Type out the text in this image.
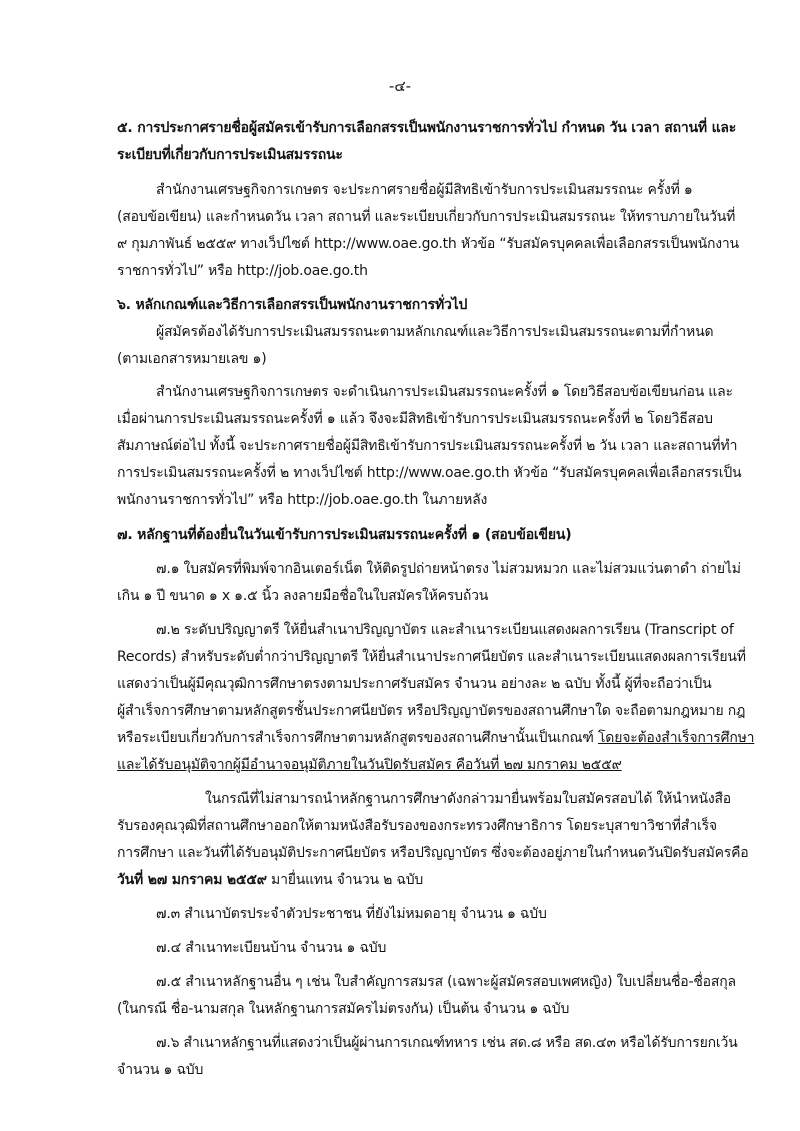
-๔-
๕. การประกาศรายชื่อผู้สมัครเข้ารับการเลือกสรรเป็นพนักงานราชการทั่วไป กำหนด วัน เวลา สถานที่ และ
ระเบียบที่เกี่ยวกับการประเมินสมรรถนะ
สำนักงานเศรษฐกิจการเกษตร จะประกาศรายชื่อผู้มีสิทธิเข้ารับการประเมินสมรรถนะ ครั้งที่ ๑
(สอบข้อเขียน) และกำหนดวัน เวลา สถานที่ และระเบียบเกี่ยวกับการประเมินสมรรถนะ ให้ทราบภายในวันที่
๙ กุมภาพันธ์ ๒๕๕๙ ทางเว็ปไซต์ http://www.oae.go.th หัวข้อ “รับสมัครบุคคลเพื่อเลือกสรรเป็นพนักงาน
ราชการทั่วไป” หรือ http://job.oae.go.th
๖. หลักเกณฑ์และวิธีการเลือกสรรเป็นพนักงานราชการทั่วไป
ผู้สมัครต้องได้รับการประเมินสมรรถนะตามหลักเกณฑ์และวิธีการประเมินสมรรถนะตามที่กำหนด
(ตามเอกสารหมายเลข ๑)
สำนักงานเศรษฐกิจการเกษตร จะดำเนินการประเมินสมรรถนะครั้งที่ ๑ โดยวิธีสอบข้อเขียนก่อน และ
เมื่อผ่านการประเมินสมรรถนะครั้งที่ ๑ แล้ว จึงจะมีสิทธิเข้ารับการประเมินสมรรถนะครั้งที่ ๒ โดยวิธีสอบ
สัมภาษณ์ต่อไป ทั้งนี้ จะประกาศรายชื่อผู้มีสิทธิเข้ารับการประเมินสมรรถนะครั้งที่ ๒ วัน เวลา และสถานที่ทำ
การประเมินสมรรถนะครั้งที่ ๒ ทางเว็ปไซต์ http://www.oae.go.th หัวข้อ “รับสมัครบุคคลเพื่อเลือกสรรเป็น
พนักงานราชการทั่วไป” หรือ http://job.oae.go.th ในภายหลัง
๗. หลักฐานที่ต้องยื่นในวันเข้ารับการประเมินสมรรถนะครั้งที่ ๑ (สอบข้อเขียน)
๗.๑ ใบสมัครที่พิมพ์จากอินเตอร์เน็ต ให้ติดรูปถ่ายหน้าตรง ไม่สวมหมวก และไม่สวมแว่นตาดำ ถ่ายไม่
เกิน ๑ ปี ขนาด ๑ x ๑.๕ นิ้ว ลงลายมือชื่อในใบสมัครให้ครบถ้วน
๗.๒ ระดับปริญญาตรี ให้ยื่นสำเนาปริญญาบัตร และสำเนาระเบียนแสดงผลการเรียน (Transcript of
Records) สำหรับระดับต่ำกว่าปริญญาตรี ให้ยื่นสำเนาประกาศนียบัตร และสำเนาระเบียนแสดงผลการเรียนที่
แสดงว่าเป็นผู้มีคุณวุฒิการศึกษาตรงตามประกาศรับสมัคร จำนวน อย่างละ ๒ ฉบับ ทั้งนี้ ผู้ที่จะถือว่าเป็น
ผู้สำเร็จการศึกษาตามหลักสูตรชั้นประกาศนียบัตร หรือปริญญาบัตรของสถานศึกษาใด จะถือตามกฎหมาย กฎ
หรือระเบียบเกี่ยวกับการสำเร็จการศึกษาตามหลักสูตรของสถานศึกษานั้นเป็นเกณฑ์ โดยจะต้องสำเร็จการศึกษา
และได้รับอนุมัติจากผู้มีอำนาจอนุมัติภายในวันปิดรับสมัคร คือวันที่ ๒๗ มกราคม ๒๕๕๙
ในกรณีที่ไม่สามารถนำหลักฐานการศึกษาดังกล่าวมายื่นพร้อมใบสมัครสอบได้ ให้นำหนังสือ
รับรองคุณวุฒิที่สถานศึกษาออกให้ตามหนังสือรับรองของกระทรวงศึกษาธิการ โดยระบุสาขาวิชาที่สำเร็จ
การศึกษา และวันที่ได้รับอนุมัติประกาศนียบัตร หรือปริญญาบัตร ซึ่งจะต้องอยู่ภายในกำหนดวันปิดรับสมัครคือ
วันที่ ๒๗ มกราคม ๒๕๕๙ มายื่นแทน จำนวน ๒ ฉบับ
๗.๓ สำเนาบัตรประจำตัวประชาชน ที่ยังไม่หมดอายุ จำนวน ๑ ฉบับ
๗.๔ สำเนาทะเบียนบ้าน จำนวน ๑ ฉบับ
๗.๕ สำเนาหลักฐานอื่น ๆ เช่น ใบสำคัญการสมรส (เฉพาะผู้สมัครสอบเพศหญิง) ใบเปลี่ยนชื่อ-ชื่อสกุล
(ในกรณี ชื่อ-นามสกุล ในหลักฐานการสมัครไม่ตรงกัน) เป็นต้น จำนวน ๑ ฉบับ
๗.๖ สำเนาหลักฐานที่แสดงว่าเป็นผู้ผ่านการเกณฑ์ทหาร เช่น สด.๘ หรือ สด.๔๓ หรือได้รับการยกเว้น
จำนวน ๑ ฉบับ
